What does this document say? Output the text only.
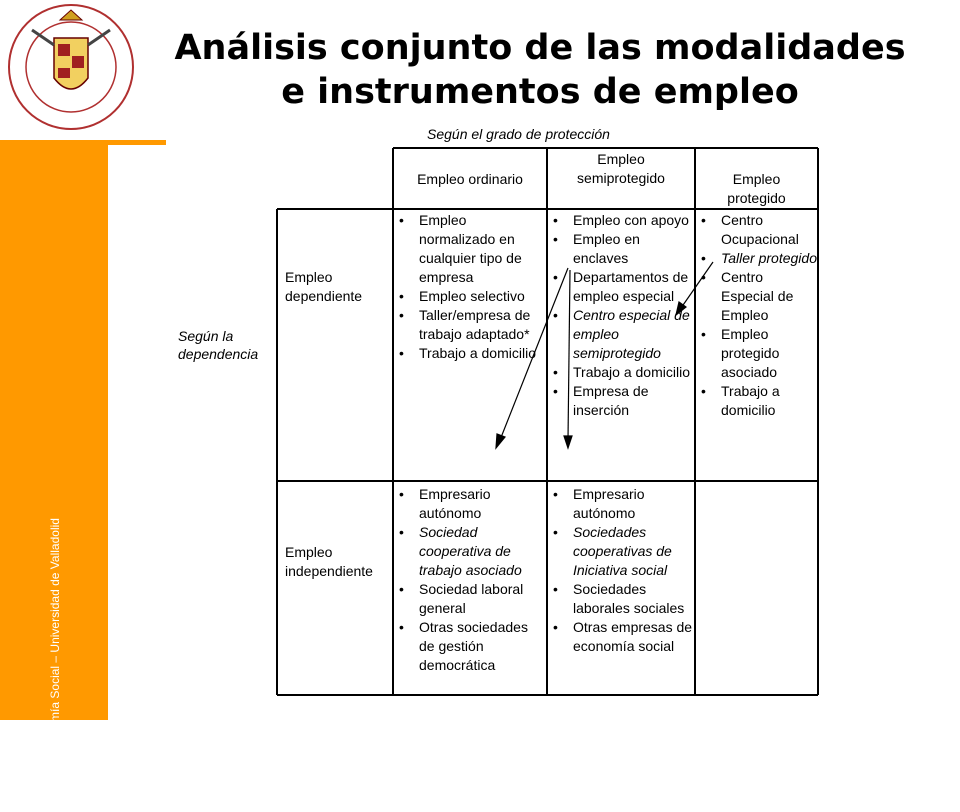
Economía Social – Universidad de Valladolid
Análisis conjunto de las modalidades
e instrumentos de empleo
Según el grado de protección
Según la
dependencia
Empleo ordinario
Empleo
semiprotegido	Empleo
protegido
Empleo
dependiente
Empleo
independiente
• Empleo normalizado en cualquier tipo de empresa
• Empleo selectivo
• Taller/empresa de trabajo adaptado*
• Trabajo a domicilio
• Empleo con apoyo
• Empleo en enclaves
• Departamentos de empleo especial
• Centro especial de empleo semiprotegido
• Trabajo a domicilio
• Empresa de inserción
• Centro Ocupacional
• Taller protegido
• Centro Especial de Empleo
• Empleo protegido asociado
• Trabajo a domicilio
• Empresario autónomo
• Sociedad cooperativa de trabajo asociado
• Sociedad laboral general
• Otras sociedades de gestión democrática
• Empresario autónomo
• Sociedades cooperativas de Iniciativa social
• Sociedades laborales sociales
• Otras empresas de economía social
